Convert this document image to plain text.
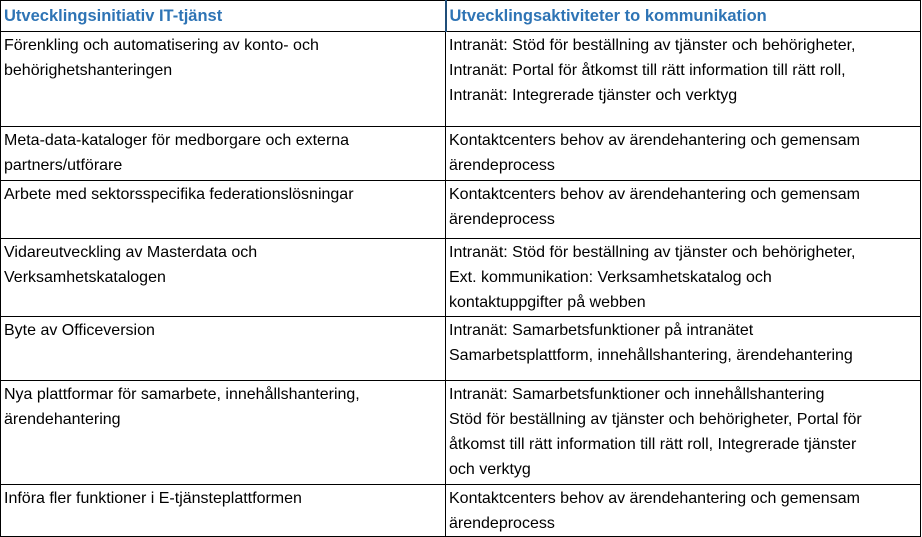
Utvecklingsinitiativ IT-tjänst	Utvecklingsaktiviteter to kommunikation

Förenkling och automatisering av konto- och
behörighetshanteringen	Intranät: Stöd för beställning av tjänster och behörigheter,
Intranät: Portal för åtkomst till rätt information till rätt roll,
Intranät: Integrerade tjänster och verktyg

Meta-data-kataloger för medborgare och externa
partners/utförare	Kontaktcenters behov av ärendehantering och gemensam
ärendeprocess

Arbete med sektorsspecifika federationslösningar	Kontaktcenters behov av ärendehantering och gemensam
ärendeprocess

Vidareutveckling av Masterdata och
Verksamhetskatalogen	Intranät: Stöd för beställning av tjänster och behörigheter,
Ext. kommunikation: Verksamhetskatalog och
kontaktuppgifter på webben

Byte av Officeversion	Intranät: Samarbetsfunktioner på intranätet
Samarbetsplattform, innehållshantering, ärendehantering

Nya plattformar för samarbete, innehållshantering,
ärendehantering	Intranät: Samarbetsfunktioner och innehållshantering
Stöd för beställning av tjänster och behörigheter, Portal för
åtkomst till rätt information till rätt roll, Integrerade tjänster
och verktyg

Införa fler funktioner i E-tjänsteplattformen	Kontaktcenters behov av ärendehantering och gemensam
ärendeprocess
